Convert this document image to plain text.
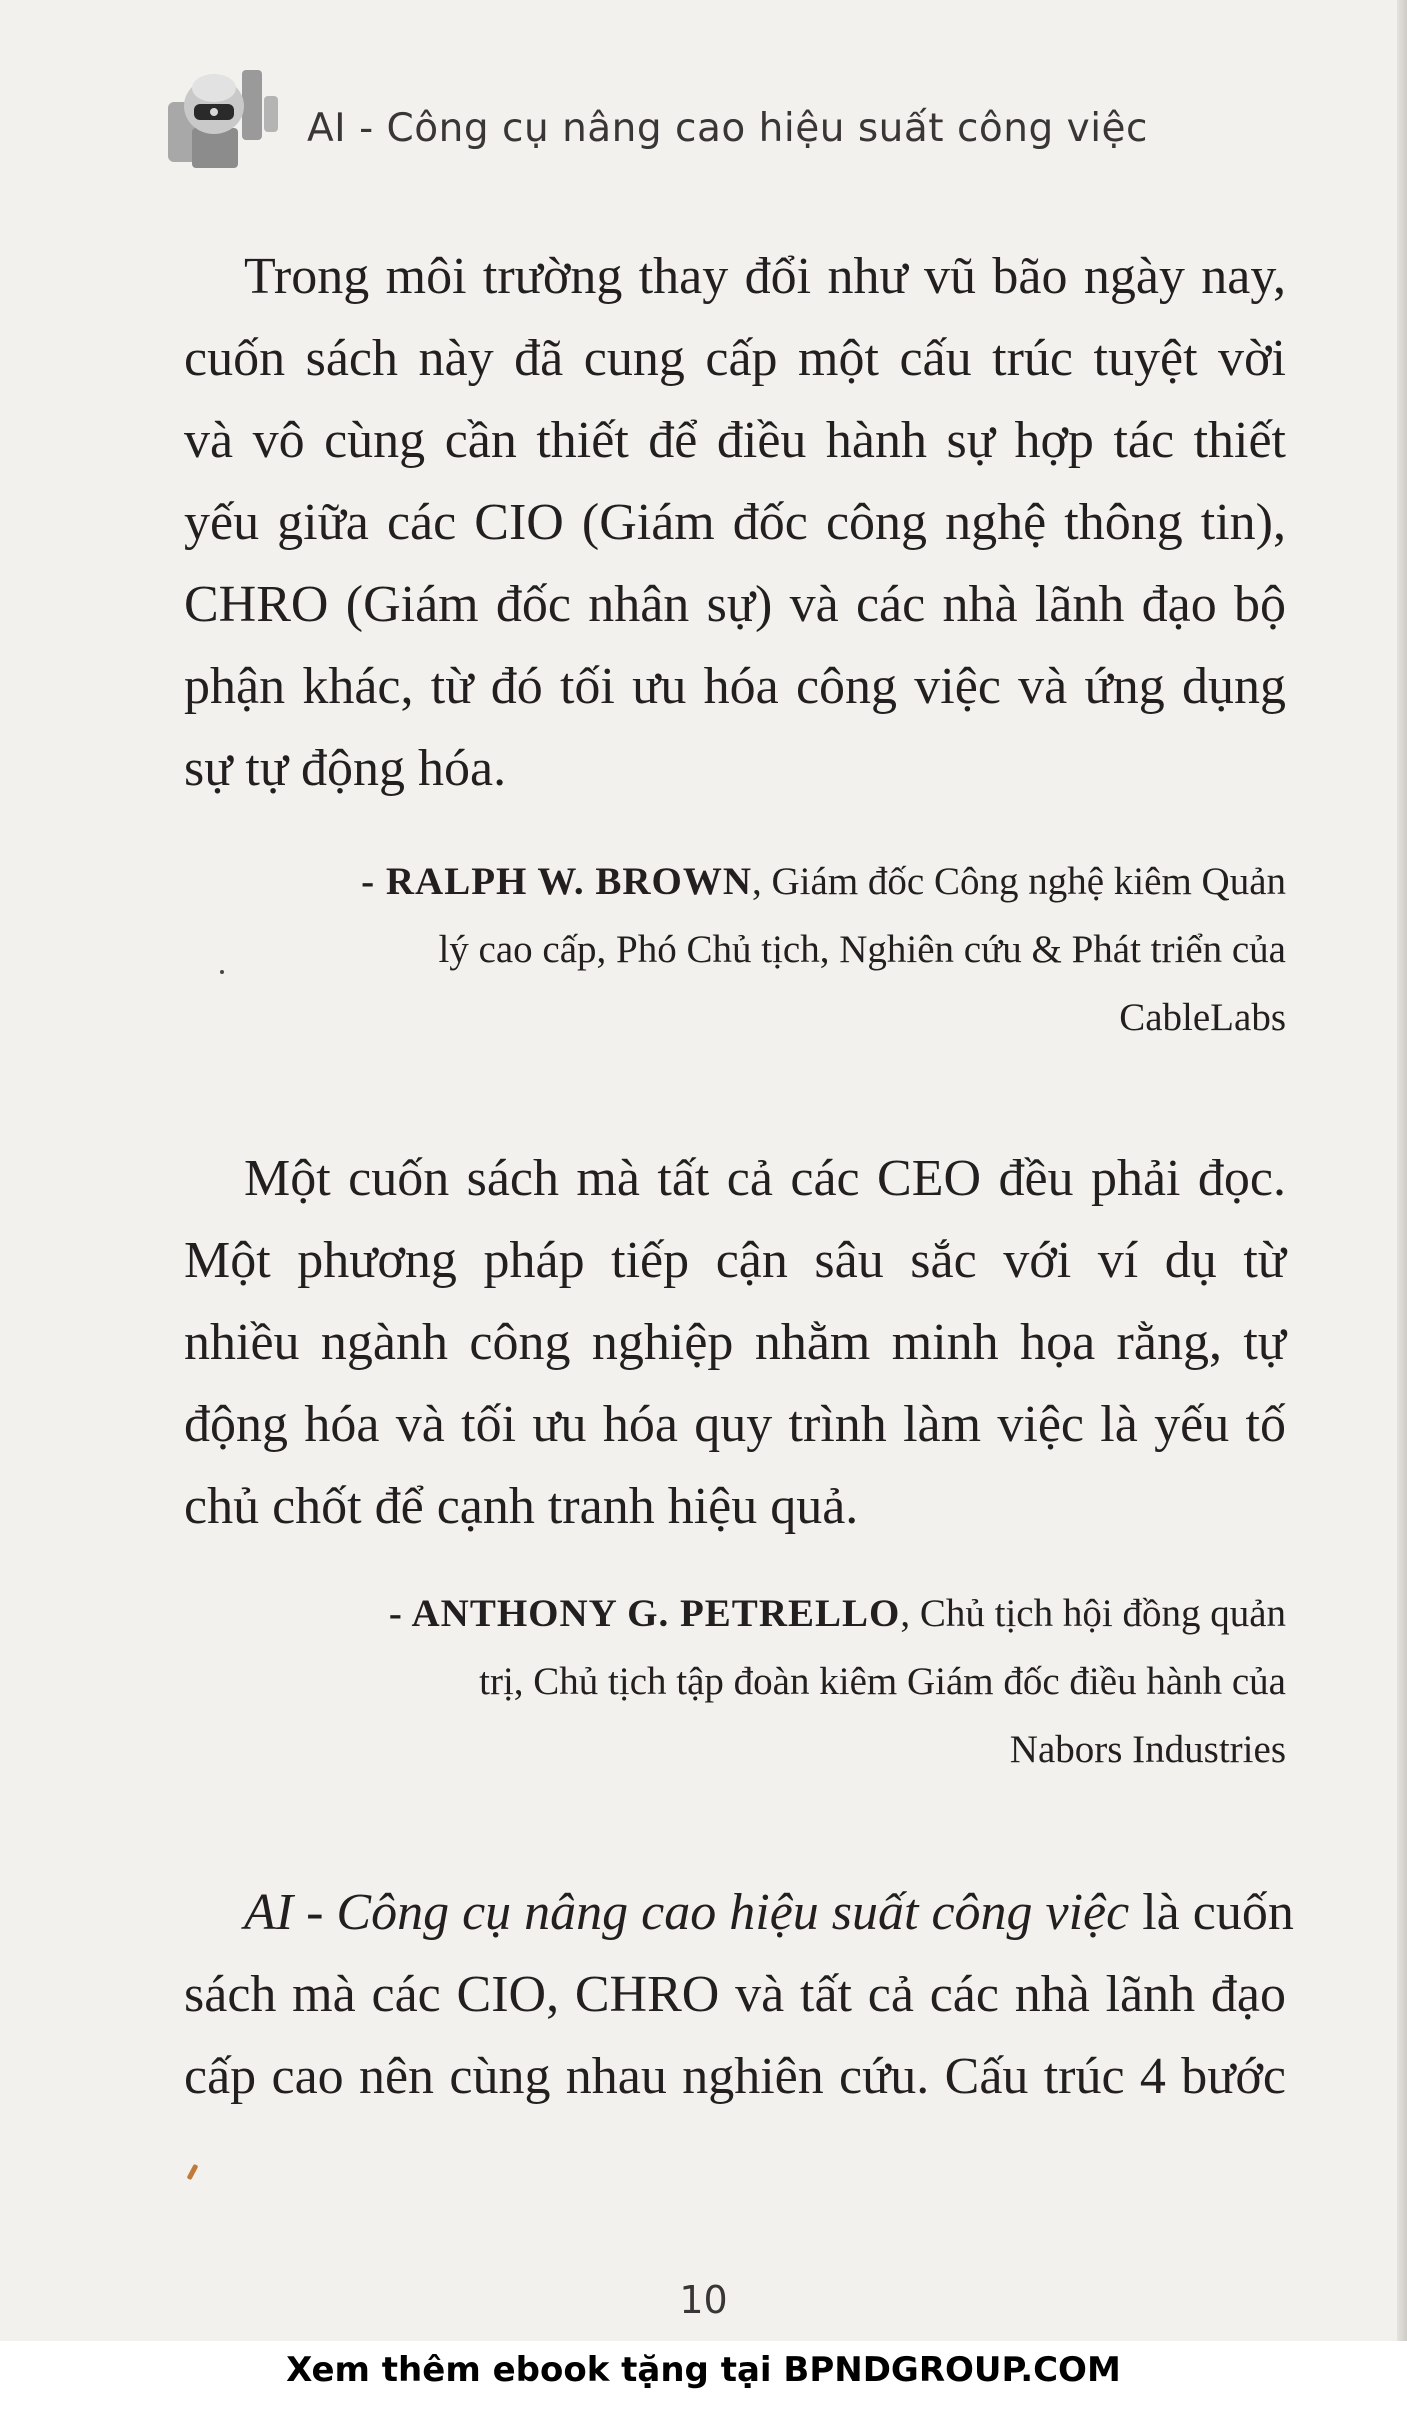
AI - Công cụ nâng cao hiệu suất công việc
Trong môi trường thay đổi như vũ bão ngày nay,
cuốn sách này đã cung cấp một cấu trúc tuyệt vời
và vô cùng cần thiết để điều hành sự hợp tác thiết
yếu giữa các CIO (Giám đốc công nghệ thông tin),
CHRO (Giám đốc nhân sự) và các nhà lãnh đạo bộ
phận khác, từ đó tối ưu hóa công việc và ứng dụng
sự tự động hóa.
- RALPH W. BROWN, Giám đốc Công nghệ kiêm Quản
lý cao cấp, Phó Chủ tịch, Nghiên cứu & Phát triển của
CableLabs
Một cuốn sách mà tất cả các CEO đều phải đọc.
Một phương pháp tiếp cận sâu sắc với ví dụ từ
nhiều ngành công nghiệp nhằm minh họa rằng, tự
động hóa và tối ưu hóa quy trình làm việc là yếu tố
chủ chốt để cạnh tranh hiệu quả.
- ANTHONY G. PETRELLO, Chủ tịch hội đồng quản
trị, Chủ tịch tập đoàn kiêm Giám đốc điều hành của
Nabors Industries
AI - Công cụ nâng cao hiệu suất công việc là cuốn
sách mà các CIO, CHRO và tất cả các nhà lãnh đạo
cấp cao nên cùng nhau nghiên cứu. Cấu trúc 4 bước
10
Xem thêm ebook tặng tại BPNDGROUP.COM
